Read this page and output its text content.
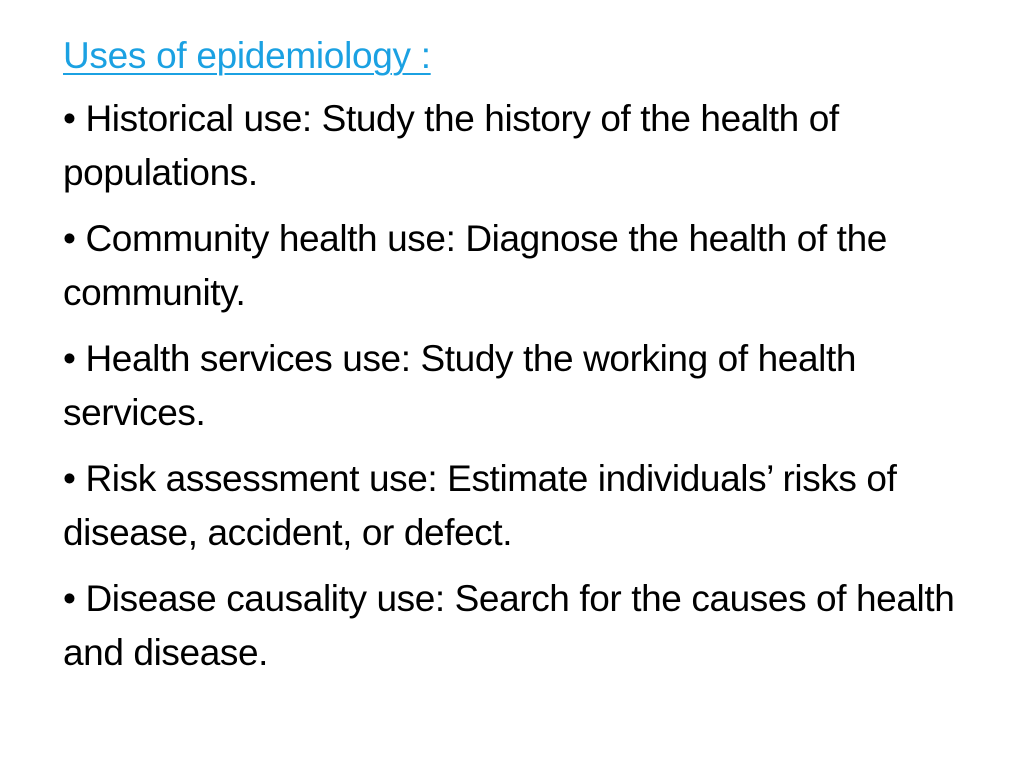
Uses of epidemiology :
• Historical use: Study the history of the health of populations.
• Community health use: Diagnose the health of the community.
• Health services use: Study the working of health services.
• Risk assessment use: Estimate individuals’ risks of disease, accident, or defect.
• Disease causality use: Search for the causes of health and disease.
